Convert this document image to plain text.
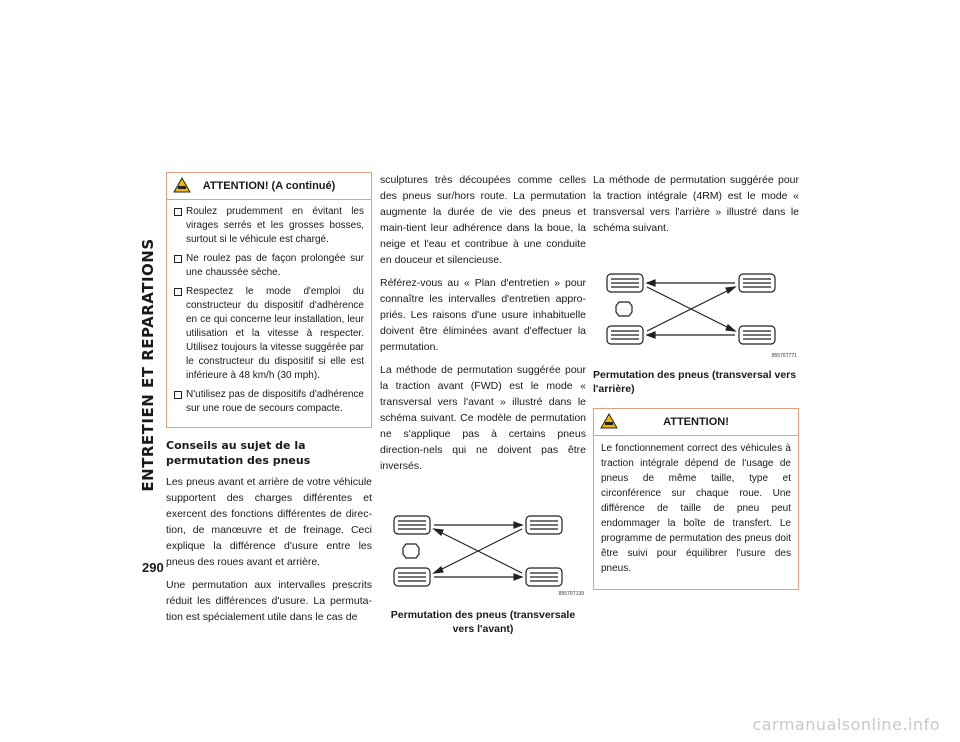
ENTRETIEN ET REPARATIONS
290
ATTENTION! (A continué)
Roulez prudemment en évitant les virages serrés et les grosses bosses, surtout si le véhicule est chargé.
Ne roulez pas de façon prolongée sur une chaussée sèche.
Respectez le mode d'emploi du constructeur du dispositif d'adhérence en ce qui concerne leur installation, leur utilisation et la vitesse à respecter. Utilisez toujours la vitesse suggérée par le constructeur du dispositif si elle est inférieure à 48 km/h (30 mph).
N'utilisez pas de dispositifs d'adhérence sur une roue de secours compacte.
Conseils au sujet de la permutation des pneus

Les pneus avant et arrière de votre véhicule supportent des charges différentes et exercent des fonctions différentes de direc-tion, de manœuvre et de freinage. Ceci explique la différence d'usure entre les pneus des roues avant et arrière.

Une permutation aux intervalles prescrits réduit les différences d'usure. La permuta-tion est spécialement utile dans le cas de

sculptures très découpées comme celles des pneus sur/hors route. La permutation augmente la durée de vie des pneus et main-tient leur adhérence dans la boue, la neige et l'eau et contribue à une conduite en douceur et silencieuse.

Référez-vous au « Plan d'entretien » pour connaître les intervalles d'entretien appro-priés. Les raisons d'une usure inhabituelle doivent être éliminées avant d'effectuer la permutation.

La méthode de permutation suggérée pour la traction avant (FWD) est le mode « transversal vers l'avant » illustré dans le schéma suivant. Ce modèle de permutation ne s'applique pas à certains pneus direction-nels qui ne doivent pas être inversés.

85570T139
Permutation des pneus (transversale vers l'avant)

La méthode de permutation suggérée pour la traction intégrale (4RM) est le mode « transversal vers l'arrière » illustré dans le schéma suivant.

85570T771
Permutation des pneus (transversal vers l'arrière)
ATTENTION!

Le fonctionnement correct des véhicules à traction intégrale dépend de l'usage de pneus de même taille, type et circonférence sur chaque roue. Une différence de taille de pneu peut endommager la boîte de transfert. Le programme de permutation des pneus doit être suivi pour équilibrer l'usure des pneus.

carmanualsonline.info
